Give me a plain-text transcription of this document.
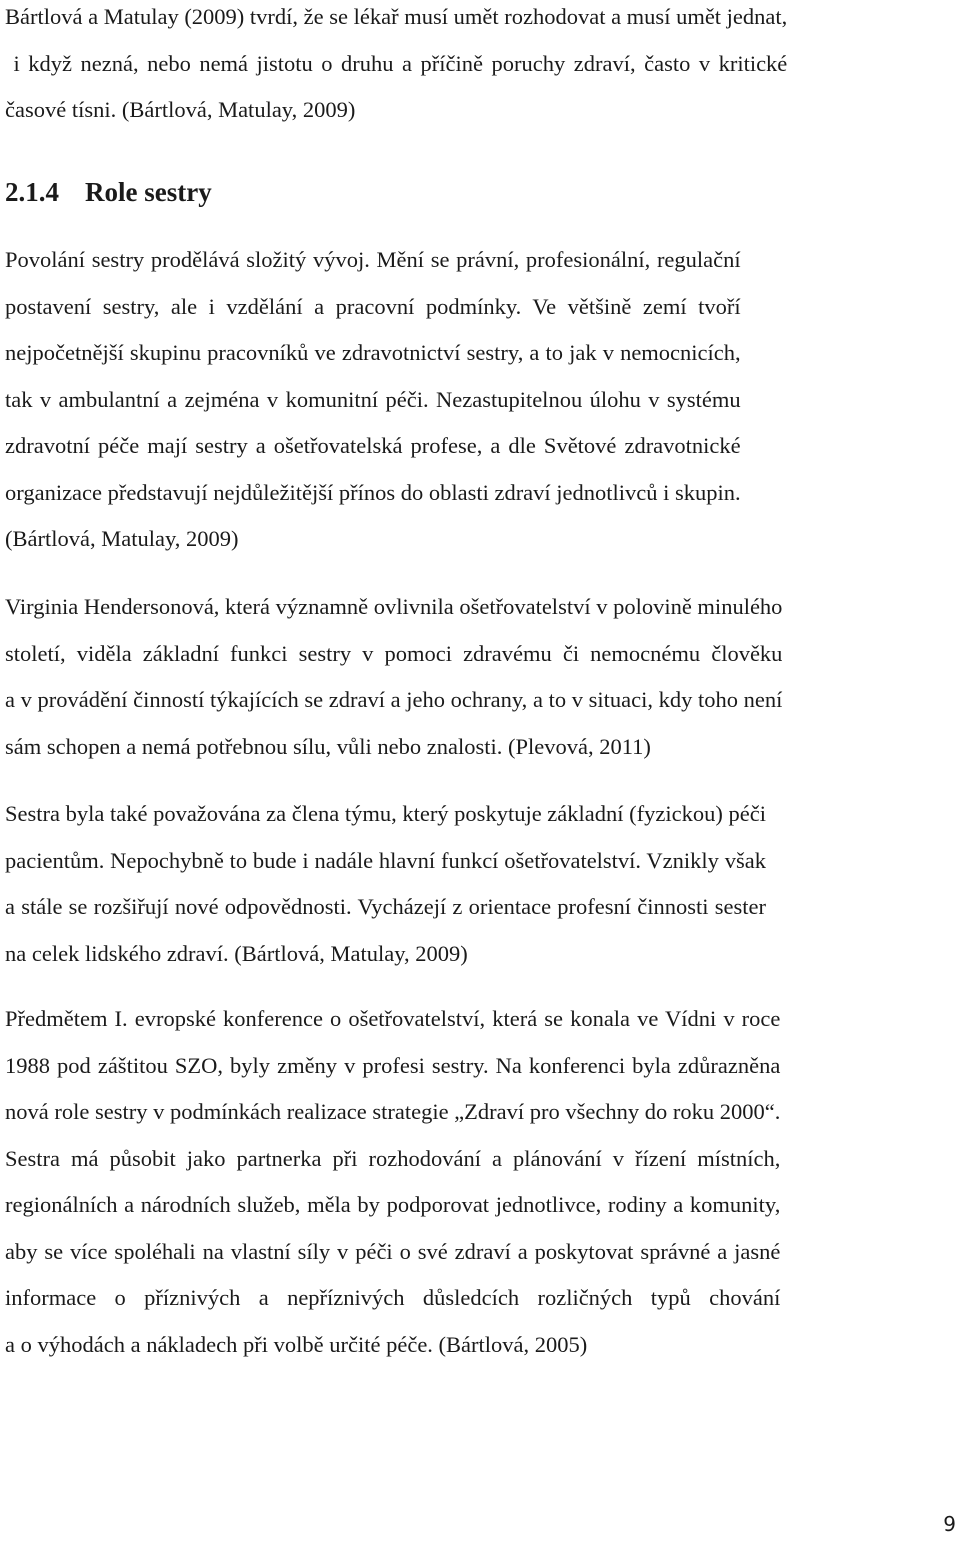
Bártlová a Matulay (2009) tvrdí, že se lékař musí umět rozhodovat a musí umět jednat,
i když nezná, nebo nemá jistotu o druhu a příčině poruchy zdraví, často v kritické
časové tísni. (Bártlová, Matulay, 2009)

2.1.4 Role sestry

Povolání sestry prodělává složitý vývoj. Mění se právní, profesionální, regulační
postavení sestry, ale i vzdělání a pracovní podmínky. Ve většině zemí tvoří
nejpočetnější skupinu pracovníků ve zdravotnictví sestry, a to jak v nemocnicích,
tak v ambulantní a zejména v komunitní péči. Nezastupitelnou úlohu v systému
zdravotní péče mají sestry a ošetřovatelská profese, a dle Světové zdravotnické
organizace představují nejdůležitější přínos do oblasti zdraví jednotlivců i skupin.
(Bártlová, Matulay, 2009)

Virginia Hendersonová, která významně ovlivnila ošetřovatelství v polovině minulého
století, viděla základní funkci sestry v pomoci zdravému či nemocnému člověku
a v provádění činností týkajících se zdraví a jeho ochrany, a to v situaci, kdy toho není
sám schopen a nemá potřebnou sílu, vůli nebo znalosti. (Plevová, 2011)

Sestra byla také považována za člena týmu, který poskytuje základní (fyzickou) péči
pacientům. Nepochybně to bude i nadále hlavní funkcí ošetřovatelství. Vznikly však
a stále se rozšiřují nové odpovědnosti. Vycházejí z orientace profesní činnosti sester
na celek lidského zdraví. (Bártlová, Matulay, 2009)

Předmětem I. evropské konference o ošetřovatelství, která se konala ve Vídni v roce
1988 pod záštitou SZO, byly změny v profesi sestry. Na konferenci byla zdůrazněna
nová role sestry v podmínkách realizace strategie „Zdraví pro všechny do roku 2000“.
Sestra má působit jako partnerka při rozhodování a plánování v řízení místních,
regionálních a národních služeb, měla by podporovat jednotlivce, rodiny a komunity,
aby se více spoléhali na vlastní síly v péči o své zdraví a poskytovat správné a jasné
informace o příznivých a nepříznivých důsledcích rozličných typů chování
a o výhodách a nákladech při volbě určité péče. (Bártlová, 2005)

9
